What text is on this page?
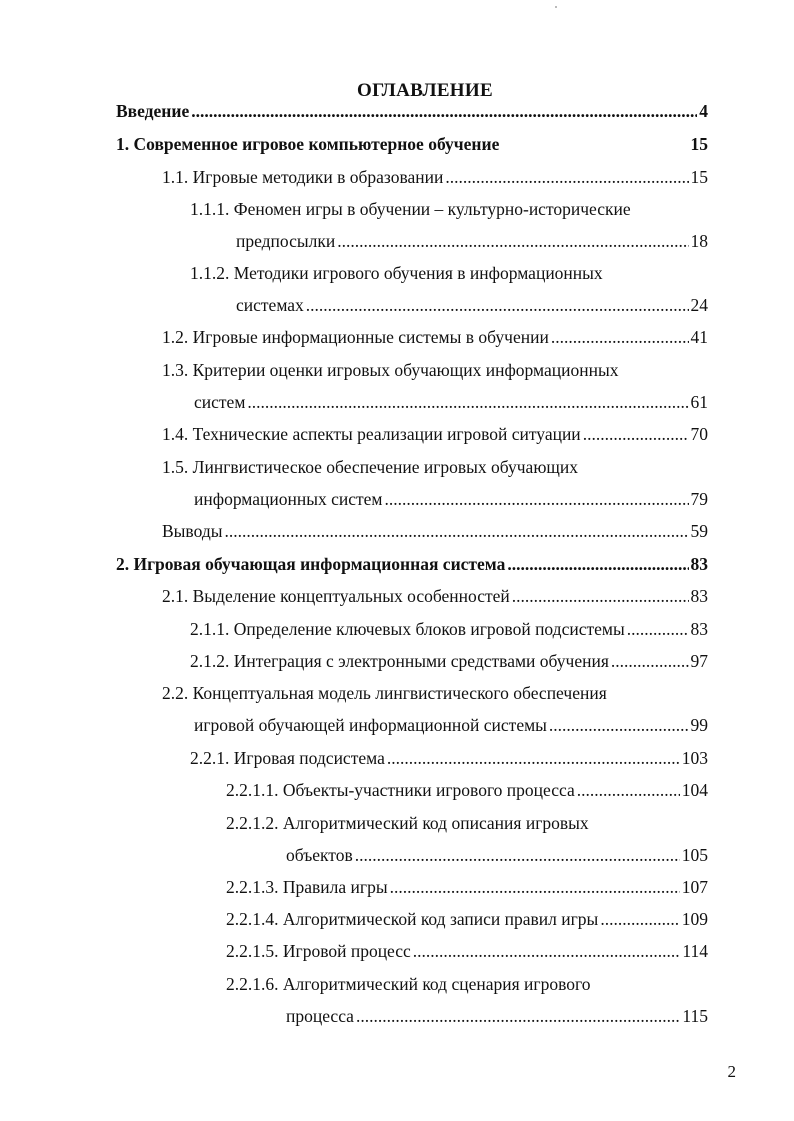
ОГЛАВЛЕНИЕ
Введение .....	4
1. Современное игровое компьютерное обучение	15
1.1. Игровые методики в образовании .....	15
1.1.1. Феномен игры в обучении – культурно-исторические
предпосылки .....	18
1.1.2. Методики игрового обучения в информационных
системах .....	24
1.2. Игровые информационные системы в обучении .....	41
1.3. Критерии оценки игровых обучающих информационных
систем .....	61
1.4. Технические аспекты реализации игровой ситуации .....	70
1.5. Лингвистическое обеспечение игровых обучающих
информационных систем .....	79
Выводы .....	59
2. Игровая обучающая информационная система .....	83
2.1. Выделение концептуальных особенностей .....	83
2.1.1. Определение ключевых блоков игровой подсистемы .....	83
2.1.2. Интеграция с электронными средствами обучения .....	97
2.2. Концептуальная модель лингвистического обеспечения
игровой обучающей информационной системы .....	99
2.2.1. Игровая подсистема .....	103
2.2.1.1. Объекты-участники игрового процесса .....	104
2.2.1.2. Алгоритмический код описания игровых
объектов .....	105
2.2.1.3. Правила игры .....	107
2.2.1.4. Алгоритмической код записи правил игры .....	109
2.2.1.5. Игровой процесс .....	114
2.2.1.6. Алгоритмический код сценария игрового
процесса .....	115
2
